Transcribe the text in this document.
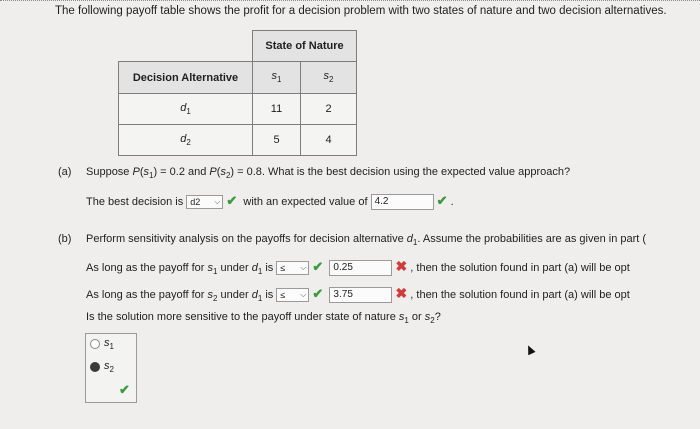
The following payoff table shows the profit for a decision problem with two states of nature and two decision alternatives.
	State of Nature	
Decision Alternative	$s_1$	$s_2$
$d_1$	11	2
$d_2$	5	4
(a) Suppose $P(s_1) = 0.2$ and $P(s_2) = 0.8$. What is the best decision using the expected value approach?
The best decision is d2 ⌵ ✔ with an expected value of 4.2	✔ .
(b) Perform sensitivity analysis on the payoffs for decision alternative $d_1$. Assume the probabilities are as given in part (
As long as the payoff for $s_1$ under $d_1$ is ≤ ⌵ ✔ 0.25	✖ , then the solution found in part (a) will be opt
As long as the payoff for $s_2$ under $d_1$ is ≤ ⌵ ✔ 3.75	✖ , then the solution found in part (a) will be opt
Is the solution more sensitive to the payoff under state of nature $s_1$ or $s_2$?
$s_1$
$s_2$
✔
